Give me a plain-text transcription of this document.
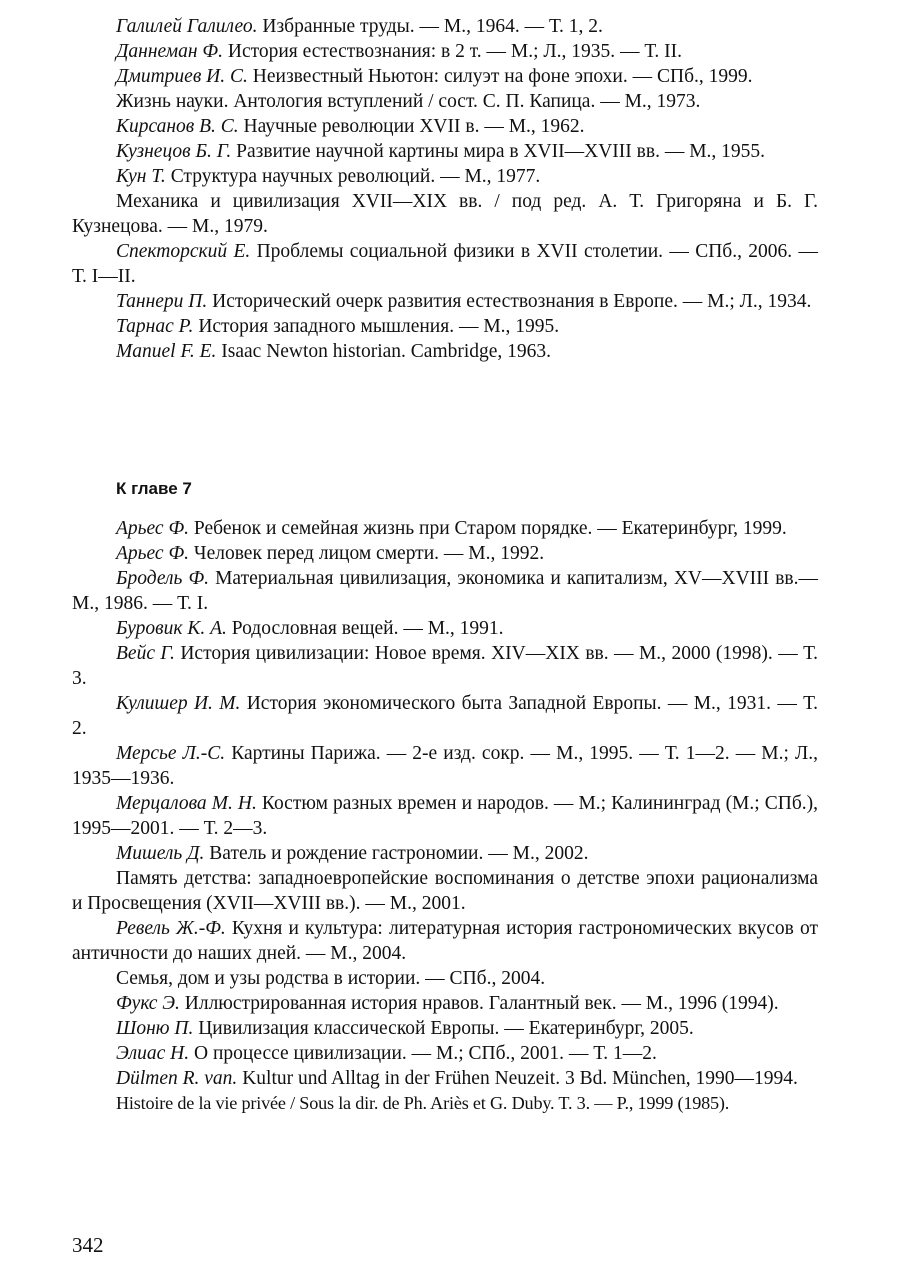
Галилей Галилео. Избранные труды. — М., 1964. — Т. 1, 2.

Даннеман Ф. История естествознания: в 2 т. — М.; Л., 1935. — Т. II.

Дмитриев И. С. Неизвестный Ньютон: силуэт на фоне эпохи. — СПб., 1999.

Жизнь науки. Антология вступлений / сост. С. П. Капица. — М., 1973.

Кирсанов В. С. Научные революции XVII в. — М., 1962.

Кузнецов Б. Г. Развитие научной картины мира в XVII—XVIII вв. — М., 1955.

Кун Т. Структура научных революций. — М., 1977.

Механика и цивилизация XVII—XIX вв. / под ред. А. Т. Григоряна и Б. Г. Кузнецова. — М., 1979.

Спекторский Е. Проблемы социальной физики в XVII столетии. — СПб., 2006. — Т. I—II.

Таннери П. Исторический очерк развития естествознания в Европе. — М.; Л., 1934.

Тарнас Р. История западного мышления. — М., 1995.

Manuel F. E. Isaac Newton historian. Cambridge, 1963.

К главе 7

Арьес Ф. Ребенок и семейная жизнь при Старом порядке. — Екатеринбург, 1999.

Арьес Ф. Человек перед лицом смерти. — М., 1992.

Бродель Ф. Материальная цивилизация, экономика и капитализм, XV—XVIII вв.— М., 1986. — Т. I.

Буровик К. А. Родословная вещей. — М., 1991.

Вейс Г. История цивилизации: Новое время. XIV—XIX вв. — М., 2000 (1998). — Т. 3.

Кулишер И. М. История экономического быта Западной Европы. — М., 1931. — Т. 2.

Мерсье Л.-С. Картины Парижа. — 2-е изд. сокр. — М., 1995. — Т. 1—2. — М.; Л., 1935—1936.

Мерцалова М. Н. Костюм разных времен и народов. — М.; Калининград (М.; СПб.), 1995—2001. — Т. 2—3.

Мишель Д. Ватель и рождение гастрономии. — М., 2002.

Память детства: западноевропейские воспоминания о детстве эпохи рационализма и Просвещения (XVII—XVIII вв.). — М., 2001.

Ревель Ж.-Ф. Кухня и культура: литературная история гастрономических вкусов от античности до наших дней. — М., 2004.

Семья, дом и узы родства в истории. — СПб., 2004.

Фукс Э. Иллюстрированная история нравов. Галантный век. — М., 1996 (1994).

Шоню П. Цивилизация классической Европы. — Екатеринбург, 2005.

Элиас Н. О процессе цивилизации. — М.; СПб., 2001. — Т. 1—2.

Dülmen R. van. Kultur und Alltag in der Frühen Neuzeit. 3 Bd. München, 1990—1994.

Histoire de la vie privée / Sous la dir. de Ph. Ariès et G. Duby. T. 3. — P., 1999 (1985).

342
